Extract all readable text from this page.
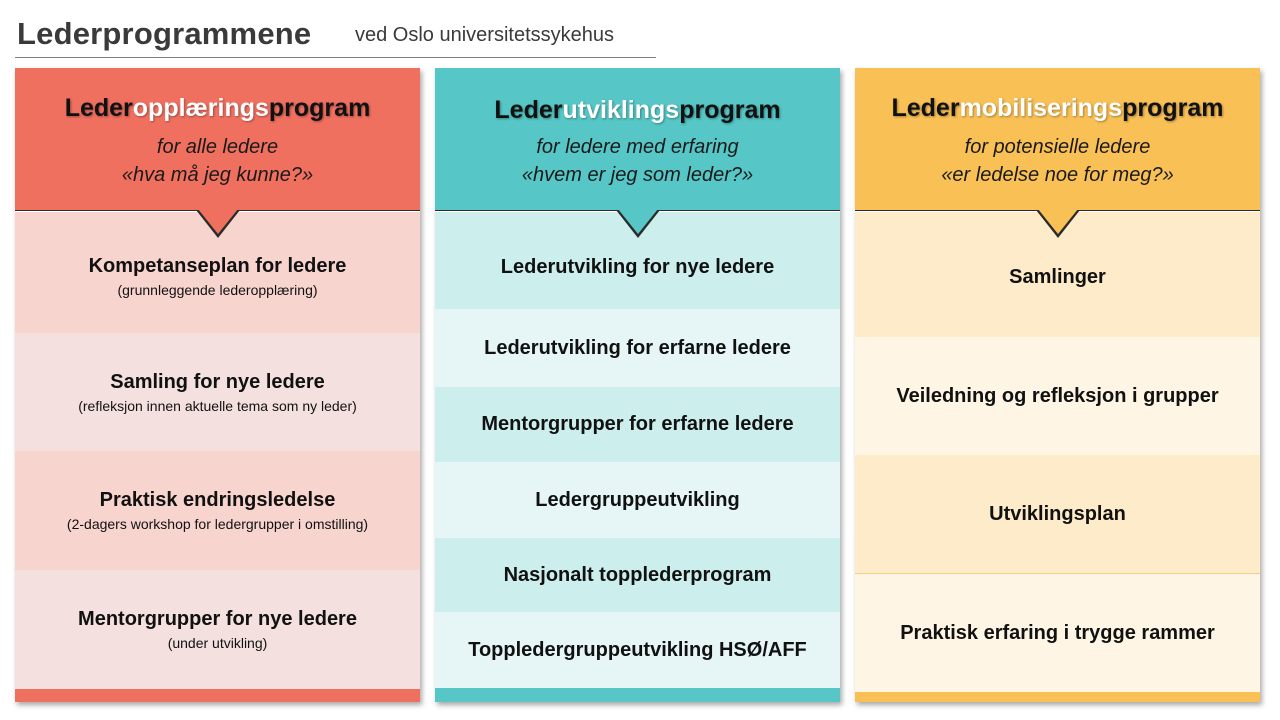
Lederprogrammene ved Oslo universitetssykehus
Lederopplæringsprogram
for alle ledere
«hva må jeg kunne?»
Kompetanseplan for ledere
(grunnleggende lederopplæring)
Samling for nye ledere
(refleksjon innen aktuelle tema som ny leder)
Praktisk endringsledelse
(2-dagers workshop for ledergrupper i omstilling)
Mentorgrupper for nye ledere
(under utvikling)
Lederutviklingsprogram
for ledere med erfaring
«hvem er jeg som leder?»
Lederutvikling for nye ledere
Lederutvikling for erfarne ledere
Mentorgrupper for erfarne ledere
Ledergruppeutvikling
Nasjonalt topplederprogram
Toppledergruppeutvikling HSØ/AFF
Ledermobiliseringsprogram
for potensielle ledere
«er ledelse noe for meg?»
Samlinger
Veiledning og refleksjon i grupper
Utviklingsplan
Praktisk erfaring i trygge rammer
